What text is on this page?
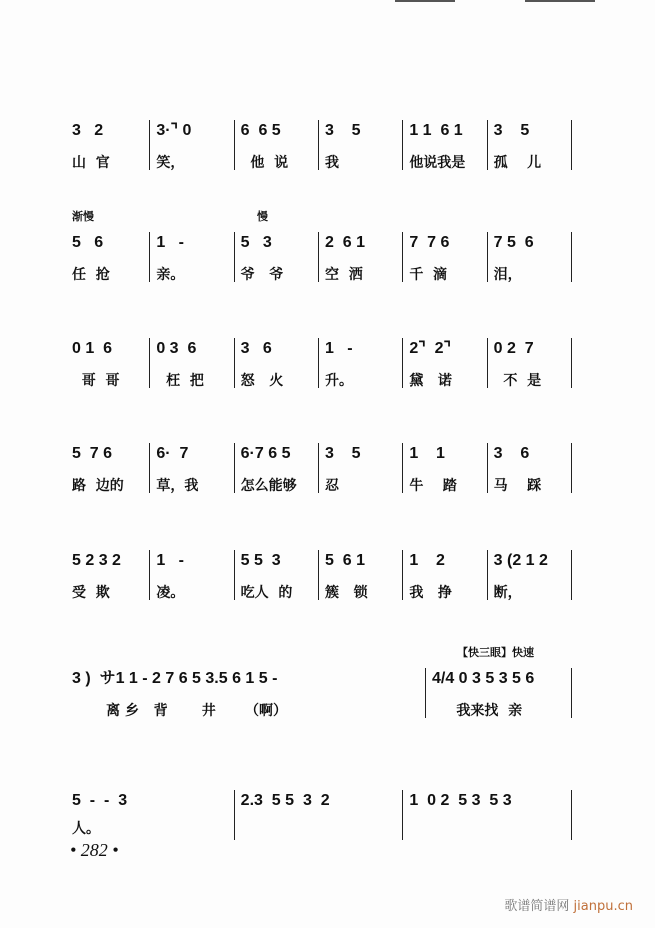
3   2
山  官
3·⌝ 0
笑，
6  6 5
他  说
3    5
我
1 1  6 1
他说我是
3    5
孤    儿
渐慢	慢
5   6
任  抢
1   -
亲。
5   3
爷   爷
2  6 1
空  洒
7  7 6
千  滴
7 5  6
泪，
0 1  6
哥  哥
0 3  6
枉  把
3   6
怒   火
1   -
升。
2⌝  2⌝
黛   诺
0 2  7
不  是
5  7 6
路  边的
6·  7
草，我
6·7 6 5
怎么能够
3    5
忍
1    1
牛    踏
3    6
马    踩
5 2 3 2
受  欺
1   -
凌。
5 5  3
吃人  的
5  6 1
簇   锁
1    2
我   挣
3 (2 1 2
断，
【快三眼】快速
3 )  サ1 1 - 2 7 6 5 3.5 6 1 5 -
离 乡   背       井      （啊）
4/4 0 3 5 3 5 6
我来找  亲
5  -  -  3	2.3  5 5  3  2	1  0 2  5 3  5 3
人。
• 282 •
歌谱简谱网 jianpu.cn
